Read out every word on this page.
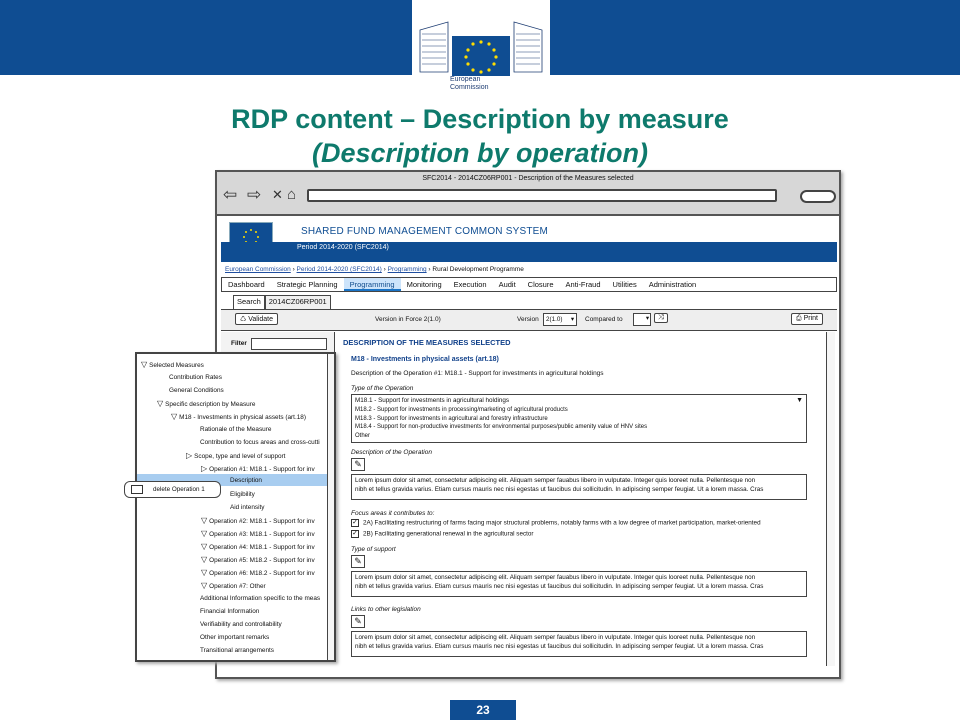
European
Commission
RDP content – Description by measure
(Description by operation)
SFC2014 - 2014CZ06RP001 - Description of the Measures selected
⇦ ⇨ ✕ ⌂
SHARED FUND MANAGEMENT COMMON SYSTEM
Period 2014-2020 (SFC2014)
European Commission › Period 2014-2020 (SFC2014) › Programming › Rural Development Programme
Dashboard	Strategic Planning	Programming	Monitoring	Execution	Audit	Closure	Anti-Fraud	Utilities	Administration
Search	2014CZ06RP001
♺ Validate	Version in Force 2(1.0)	Version	2(1.0) ▾ Compared to	▾	⤨	⎙ Print
Filter	DESCRIPTION OF THE MEASURES SELECTED
M18 - Investments in physical assets (art.18)
Description of the Operation #1: M18.1 - Support for investments in agricultural holdings
Type of the Operation
M18.1 - Support for investments in agricultural holdings	▼
M18.2 - Support for investments in processing/marketing of agricultural products
M18.3 - Support for investments in agricultural and forestry infrastructure
M18.4 - Support for non-productive investments for environmental purposes/public amenity value of HNV sites
Other
Description of the Operation
✎
Lorem ipsum dolor sit amet, consectetur adipiscing elit. Aliquam semper fauabus libero in vulputate. Integer quis looreet nulla. Pellentesque non
nibh et tellus gravida varius. Etiam cursus mauris nec nisi egestas ut faucibus dui sollicitudin. In adipiscing semper feugiat. Ut a lorem massa. Cras
Focus areas it contributes to:
✓ 2A) Facilitating restructuring of farms facing major structural problems, notably farms with a low degree of market participation, market-oriented
✓ 2B) Facilitating generational renewal in the agricultural sector
Type of support
✎
Lorem ipsum dolor sit amet, consectetur adipiscing elit. Aliquam semper fauabus libero in vulputate. Integer quis looreet nulla. Pellentesque non
nibh et tellus gravida varius. Etiam cursus mauris nec nisi egestas ut faucibus dui sollicitudin. In adipiscing semper feugiat. Ut a lorem massa. Cras
Links to other legislation
✎
Lorem ipsum dolor sit amet, consectetur adipiscing elit. Aliquam semper fauabus libero in vulputate. Integer quis looreet nulla. Pellentesque non
nibh et tellus gravida varius. Etiam cursus mauris nec nisi egestas ut faucibus dui sollicitudin. In adipiscing semper feugiat. Ut a lorem massa. Cras
▽ Selected Measures
Contribution Rates
General Conditions
▽ Specific description by Measure
▽ M18 - Investments in physical assets (art.18)
Rationale of the Measure
Contribution to focus areas and cross-cutti
▷ Scope, type and level of support
▷ Operation #1: M18.1 - Support for inv
Description
Eligibility
Aid intensity
▽ Operation #2: M18.1 - Support for inv
▽ Operation #3: M18.1 - Support for inv
▽ Operation #4: M18.1 - Support for inv
▽ Operation #5: M18.2 - Support for inv
▽ Operation #6: M18.2 - Support for inv
▽ Operation #7: Other
Additional Information specific to the meas
Financial Information
Verifiability and controllability
Other important remarks
Transitional arrangements
delete Operation 1
23
